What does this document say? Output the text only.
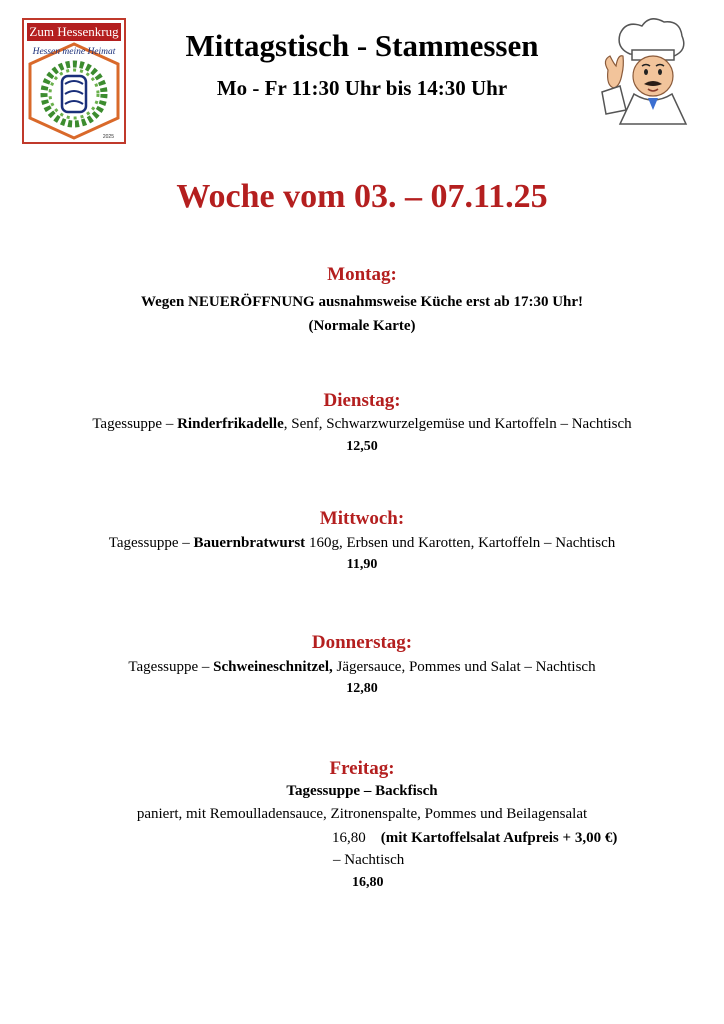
Zum Hessenkrug
Hessen meine Heimat
2025
Mittagstisch - Stammessen
Mo - Fr 11:30 Uhr bis 14:30 Uhr
Woche vom 03. – 07.11.25
Montag:
Wegen NEUERÖFFNUNG ausnahmsweise Küche erst ab 17:30 Uhr!
(Normale Karte)
Dienstag:
Tagessuppe – Rinderfrikadelle, Senf, Schwarzwurzelgemüse und Kartoffeln – Nachtisch
12,50
Mittwoch:
Tagessuppe – Bauernbratwurst 160g, Erbsen und Karotten, Kartoffeln – Nachtisch
11,90
Donnerstag:
Tagessuppe – Schweineschnitzel, Jägersauce, Pommes und Salat – Nachtisch
12,80
Freitag:
Tagessuppe – Backfisch
paniert, mit Remoulladensauce, Zitronenspalte, Pommes und Beilagensalat
16,80 (mit Kartoffelsalat Aufpreis + 3,00 €)
– Nachtisch
16,80
